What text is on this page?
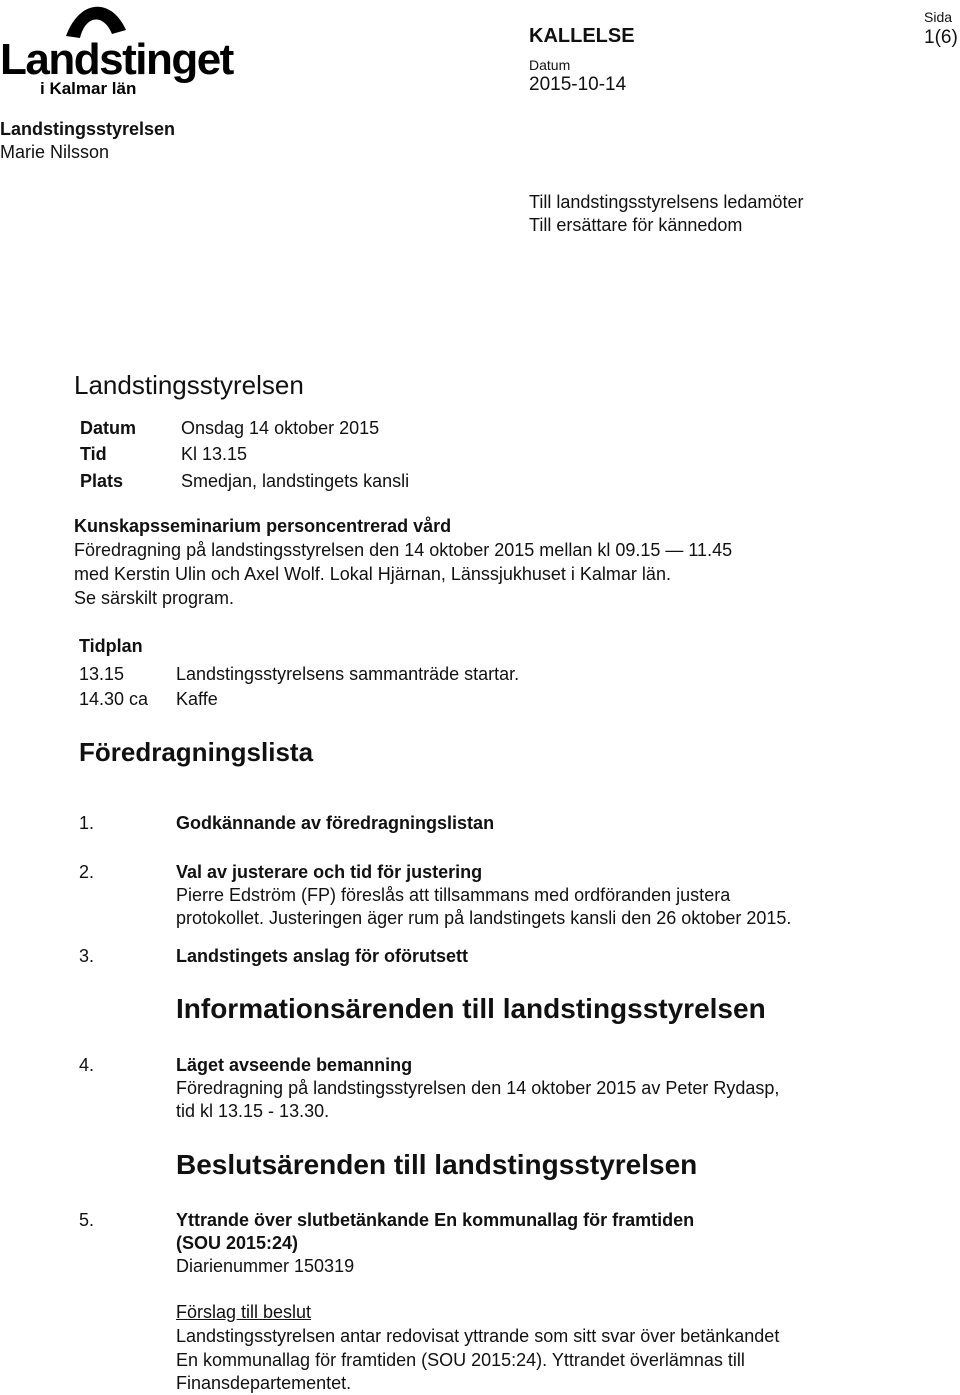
Landstinget
i Kalmar län
KALLELSE
Datum
2015-10-14
Sida
1(6)
Landstingsstyrelsen
Marie Nilsson
Till landstingsstyrelsens ledamöter
Till ersättare för kännedom
Landstingsstyrelsen
Datum Onsdag 14 oktober 2015
Tid	Kl 13.15
Plats	Smedjan, landstingets kansli
Kunskapsseminarium personcentrerad vård
Föredragning på landstingsstyrelsen den 14 oktober 2015 mellan kl 09.15 — 11.45
med Kerstin Ulin och Axel Wolf. Lokal Hjärnan, Länssjukhuset i Kalmar län.
Se särskilt program.
Tidplan
13.15	Landstingsstyrelsens sammanträde startar.
14.30 ca Kaffe
Föredragningslista
1.	Godkännande av föredragningslistan
2.	Val av justerare och tid för justering
Pierre Edström (FP) föreslås att tillsammans med ordföranden justera
protokollet. Justeringen äger rum på landstingets kansli den 26 oktober 2015.
3.	Landstingets anslag för oförutsett
Informationsärenden till landstingsstyrelsen
4.	Läget avseende bemanning
Föredragning på landstingsstyrelsen den 14 oktober 2015 av Peter Rydasp,
tid kl 13.15 - 13.30.
Beslutsärenden till landstingsstyrelsen
5.	Yttrande över slutbetänkande En kommunallag för framtiden
(SOU 2015:24)
Diarienummer 150319
Förslag till beslut
Landstingsstyrelsen antar redovisat yttrande som sitt svar över betänkandet
En kommunallag för framtiden (SOU 2015:24). Yttrandet överlämnas till
Finansdepartementet.
